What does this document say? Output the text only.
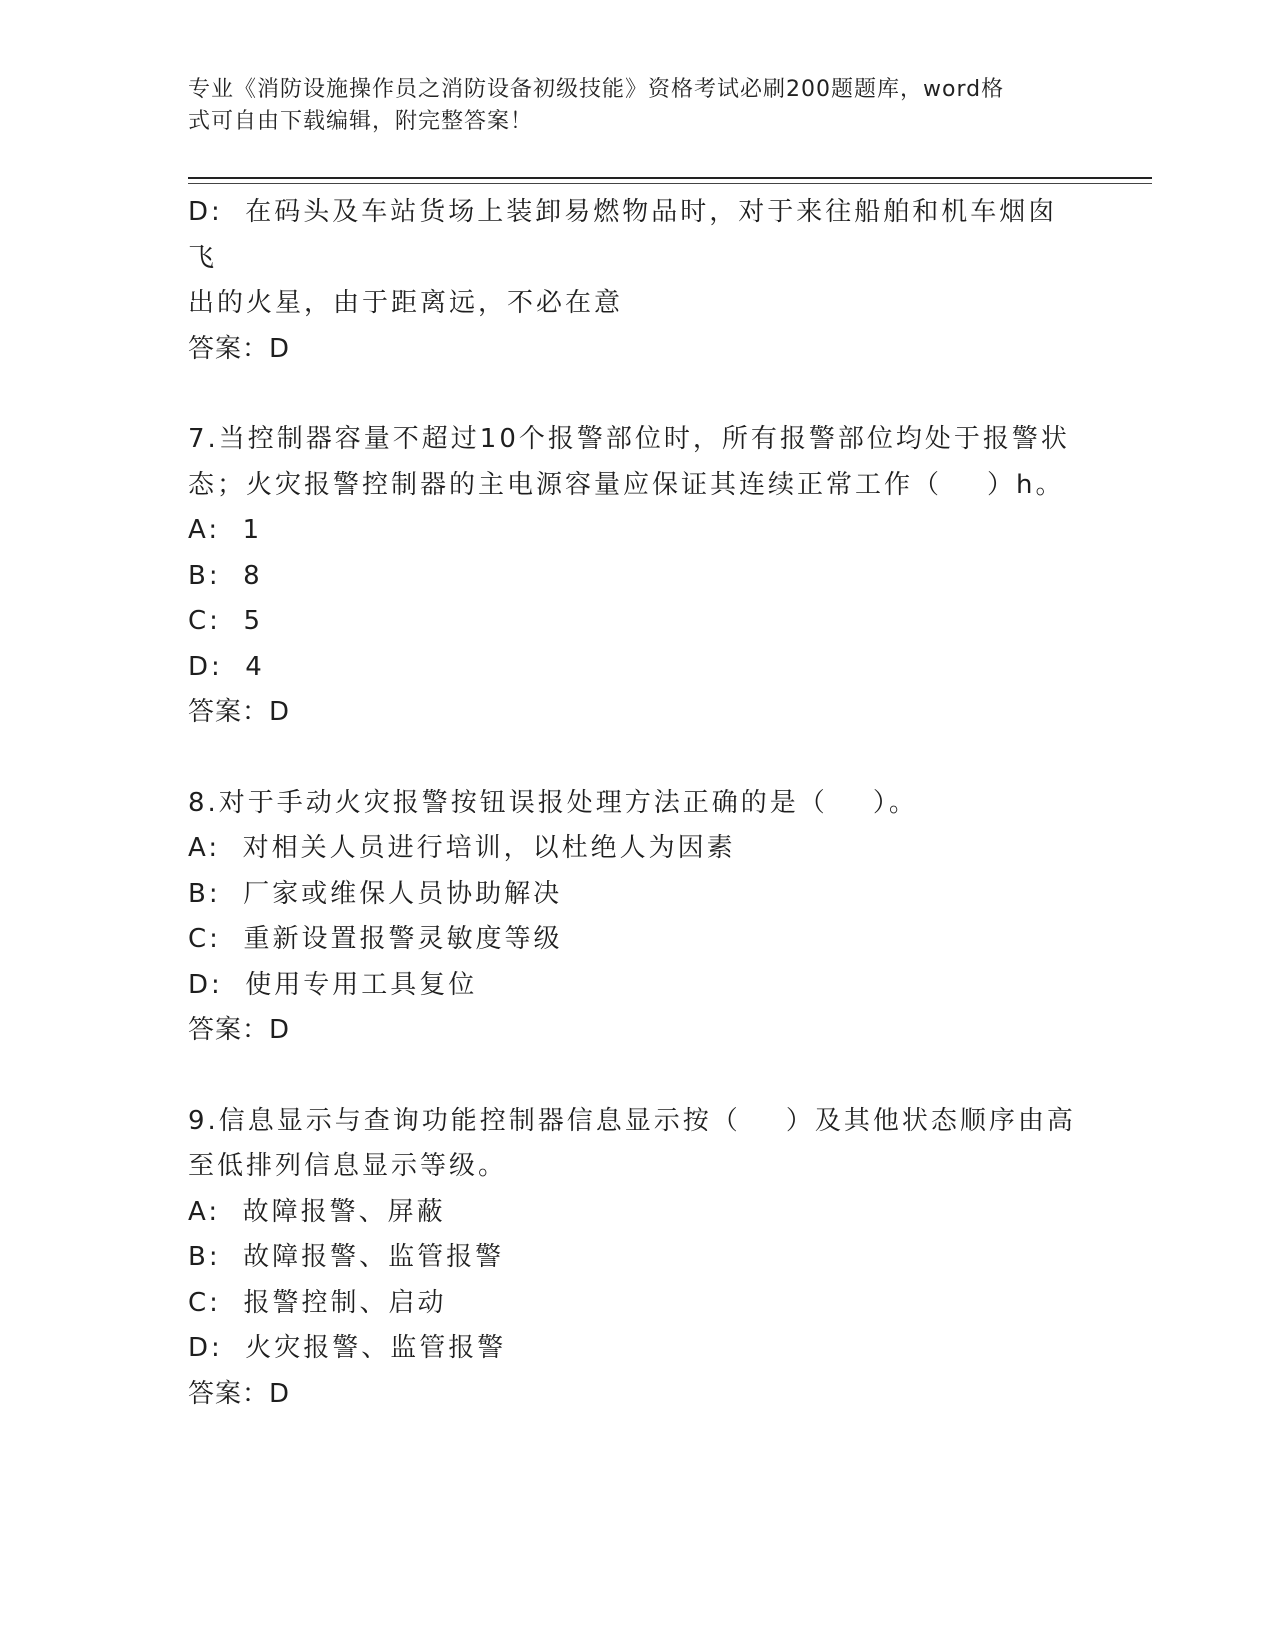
专业《消防设施操作员之消防设备初级技能》资格考试必刷200题题库，word格
式可自由下载编辑，附完整答案！
D:  在码头及车站货场上装卸易燃物品时，对于来往船舶和机车烟囱飞
出的火星，由于距离远，不必在意
答案：D
7.当控制器容量不超过10个报警部位时，所有报警部位均处于报警状
态；火灾报警控制器的主电源容量应保证其连续正常工作（    ）h。
A:  1
B:  8
C:  5
D:  4
答案：D
8.对于手动火灾报警按钮误报处理方法正确的是（    ）。
A:  对相关人员进行培训，以杜绝人为因素
B:  厂家或维保人员协助解决
C:  重新设置报警灵敏度等级
D:  使用专用工具复位
答案：D
9.信息显示与查询功能控制器信息显示按（    ）及其他状态顺序由高
至低排列信息显示等级。
A:  故障报警、屏蔽
B:  故障报警、监管报警
C:  报警控制、启动
D:  火灾报警、监管报警
答案：D
